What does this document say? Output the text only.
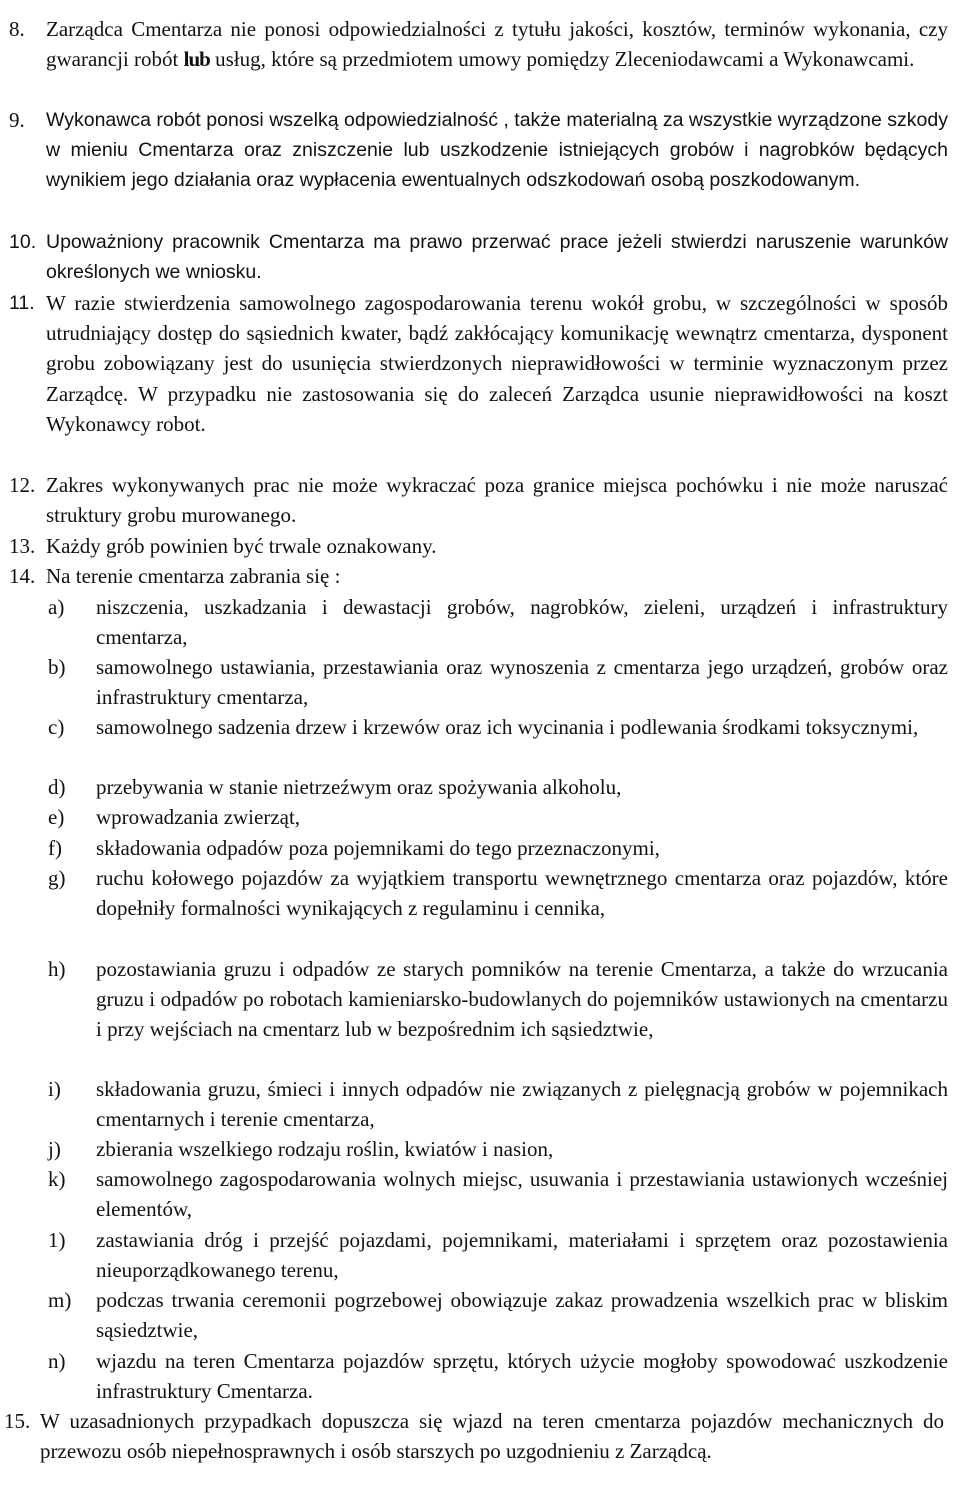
8. Zarządca Cmentarza nie ponosi odpowiedzialności z tytułu jakości, kosztów, terminów wykonania, czy gwarancji robót lub usług, które są przedmiotem umowy pomiędzy Zleceniodawcami a Wykonawcami.
9. Wykonawca robót ponosi wszelką odpowiedzialność , także materialną za wszystkie wyrządzone szkody w mieniu Cmentarza oraz zniszczenie lub uszkodzenie istniejących grobów i nagrobków będących wynikiem jego działania oraz wypłacenia ewentualnych odszkodowań osobą poszkodowanym.
10. Upoważniony pracownik Cmentarza ma prawo przerwać prace jeżeli stwierdzi naruszenie warunków określonych we wniosku.
11. W razie stwierdzenia samowolnego zagospodarowania terenu wokół grobu, w szczególności w sposób utrudniający dostęp do sąsiednich kwater, bądź zakłócający komunikację wewnątrz cmentarza, dysponent grobu zobowiązany jest do usunięcia stwierdzonych nieprawidłowości w terminie wyznaczonym przez Zarządcę. W przypadku nie zastosowania się do zaleceń Zarządca usunie nieprawidłowości na koszt Wykonawcy robot.
12. Zakres wykonywanych prac nie może wykraczać poza granice miejsca pochówku i nie może naruszać struktury grobu murowanego.
13. Każdy grób powinien być trwale oznakowany.
14. Na terenie cmentarza zabrania się :
a) niszczenia, uszkadzania i dewastacji grobów, nagrobków, zieleni, urządzeń i infrastruktury cmentarza,
b) samowolnego ustawiania, przestawiania oraz wynoszenia z cmentarza jego urządzeń, grobów oraz infrastruktury cmentarza,
c) samowolnego sadzenia drzew i krzewów oraz ich wycinania i podlewania środkami toksycznymi,
d) przebywania w stanie nietrzeźwym oraz spożywania alkoholu,
e) wprowadzania zwierząt,
f) składowania odpadów poza pojemnikami do tego przeznaczonymi,
g) ruchu kołowego pojazdów za wyjątkiem transportu wewnętrznego cmentarza oraz pojazdów, które dopełniły formalności wynikających z regulaminu i cennika,
h) pozostawiania gruzu i odpadów ze starych pomników na terenie Cmentarza, a także do wrzucania gruzu i odpadów po robotach kamieniarsko-budowlanych do pojemników ustawionych na cmentarzu i przy wejściach na cmentarz lub w bezpośrednim ich sąsiedztwie,
i) składowania gruzu, śmieci i innych odpadów nie związanych z pielęgnacją grobów w pojemnikach cmentarnych i terenie cmentarza,
j) zbierania wszelkiego rodzaju roślin, kwiatów i nasion,
k) samowolnego zagospodarowania wolnych miejsc, usuwania i przestawiania ustawionych wcześniej elementów,
1) zastawiania dróg i przejść pojazdami, pojemnikami, materiałami i sprzętem oraz pozostawienia nieuporządkowanego terenu,
m) podczas trwania ceremonii pogrzebowej obowiązuje zakaz prowadzenia wszelkich prac w bliskim sąsiedztwie,
n) wjazdu na teren Cmentarza pojazdów sprzętu, których użycie mogłoby spowodować uszkodzenie infrastruktury Cmentarza.
15. W uzasadnionych przypadkach dopuszcza się wjazd na teren cmentarza pojazdów mechanicznych do przewozu osób niepełnosprawnych i osób starszych po uzgodnieniu z Zarządcą.
